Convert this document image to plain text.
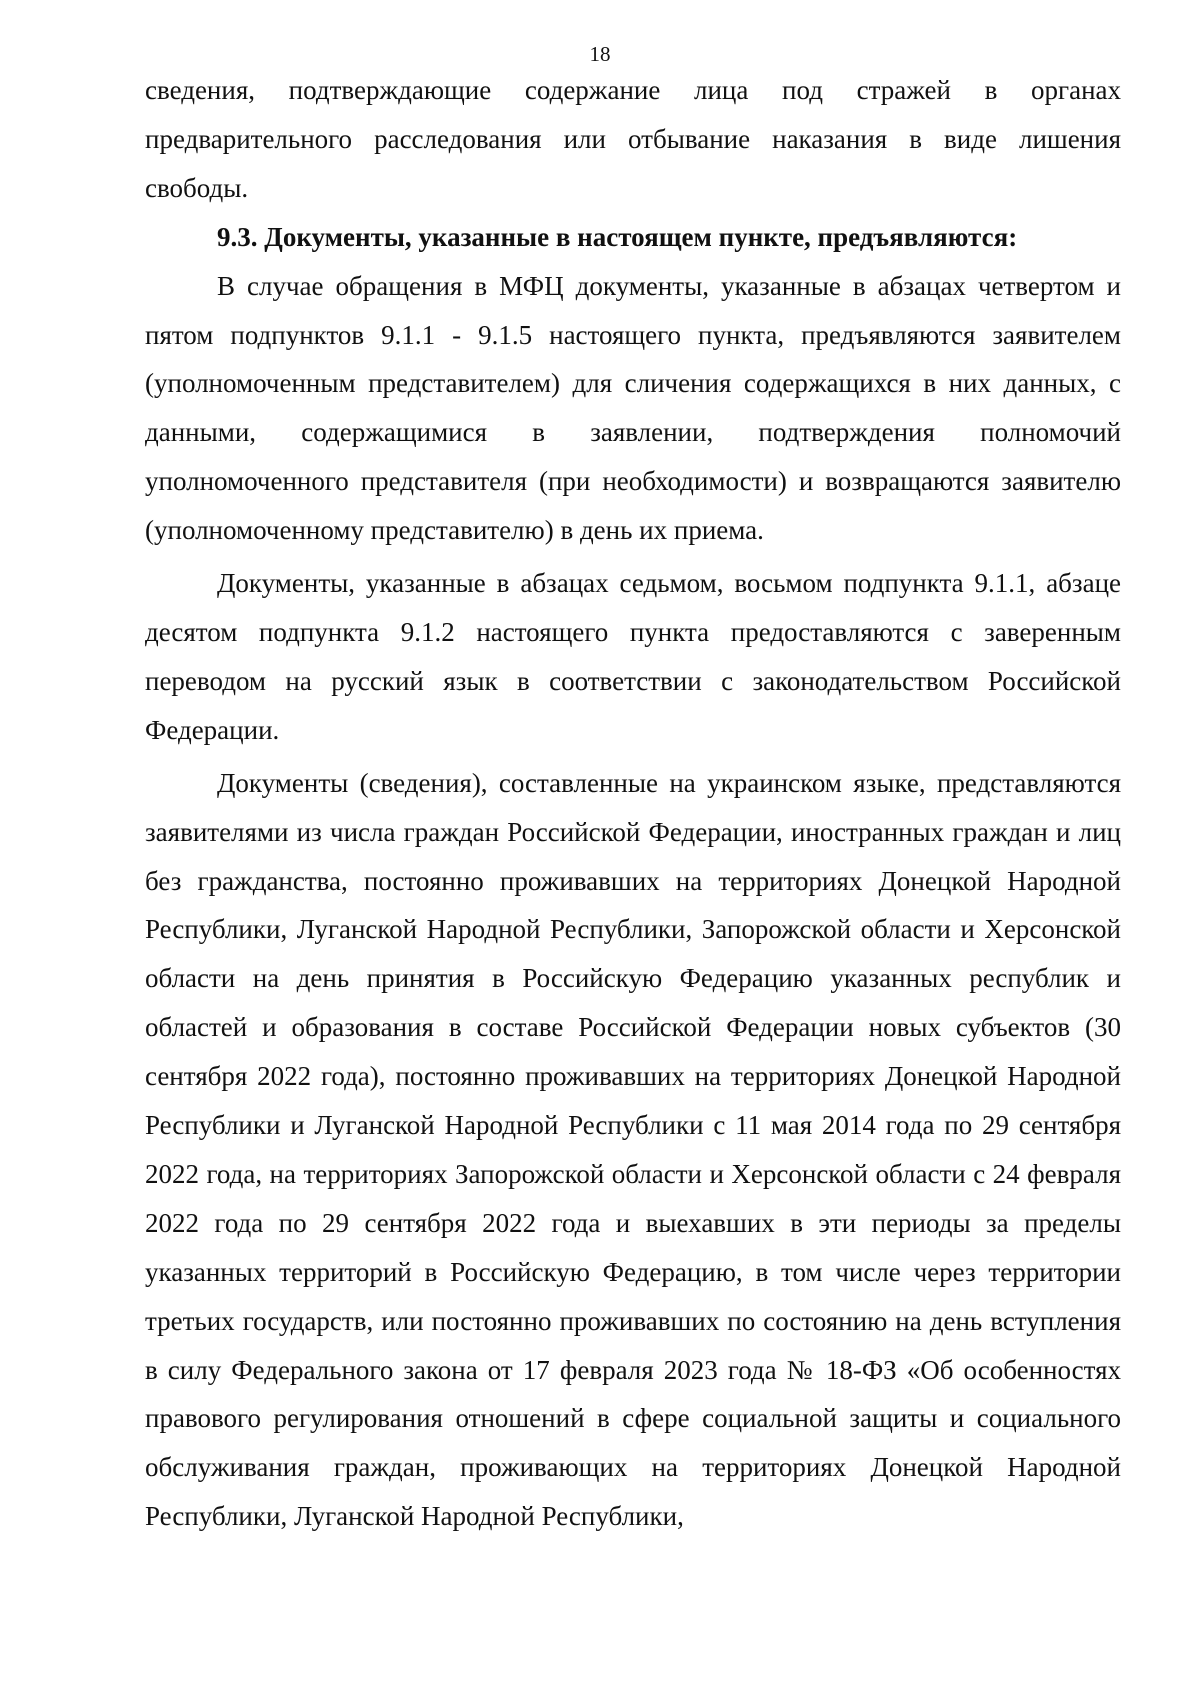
18

сведения, подтверждающие содержание лица под стражей в органах предварительного расследования или отбывание наказания в виде лишения свободы.

9.3. Документы, указанные в настоящем пункте, предъявляются:

В случае обращения в МФЦ документы, указанные в абзацах четвертом и пятом подпунктов 9.1.1 - 9.1.5 настоящего пункта, предъявляются заявителем (уполномоченным представителем) для сличения содержащихся в них данных, с данными, содержащимися в заявлении, подтверждения полномочий уполномоченного представителя (при необходимости) и возвращаются заявителю (уполномоченному представителю) в день их приема.

Документы, указанные в абзацах седьмом, восьмом подпункта 9.1.1, абзаце десятом подпункта 9.1.2 настоящего пункта предоставляются с заверенным переводом на русский язык в соответствии с законодательством Российской Федерации.

Документы (сведения), составленные на украинском языке, представляются заявителями из числа граждан Российской Федерации, иностранных граждан и лиц без гражданства, постоянно проживавших на территориях Донецкой Народной Республики, Луганской Народной Республики, Запорожской области и Херсонской области на день принятия в Российскую Федерацию указанных республик и областей и образования в составе Российской Федерации новых субъектов (30 сентября 2022 года), постоянно проживавших на территориях Донецкой Народной Республики и Луганской Народной Республики с 11 мая 2014 года по 29 сентября 2022 года, на территориях Запорожской области и Херсонской области с 24 февраля 2022 года по 29 сентября 2022 года и выехавших в эти периоды за пределы указанных территорий в Российскую Федерацию, в том числе через территории третьих государств, или постоянно проживавших по состоянию на день вступления в силу Федерального закона от 17 февраля 2023 года № 18-ФЗ «Об особенностях правового регулирования отношений в сфере социальной защиты и социального обслуживания граждан, проживающих на территориях Донецкой Народной Республики, Луганской Народной Республики,
